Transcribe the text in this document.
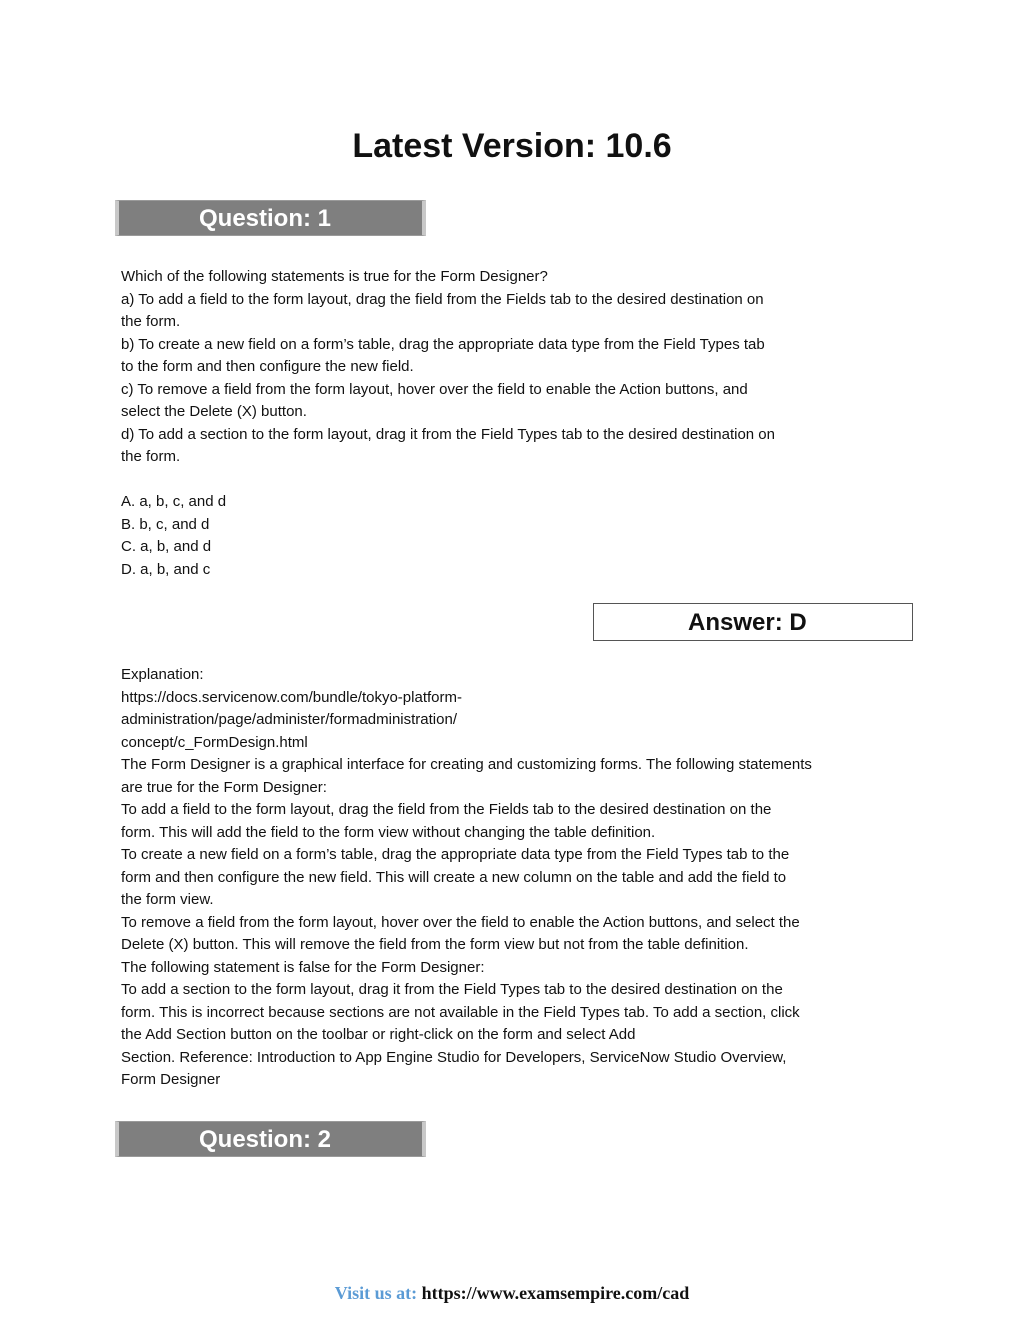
Latest Version: 10.6
Question: 1
Which of the following statements is true for the Form Designer?
a) To add a field to the form layout, drag the field from the Fields tab to the desired destination on
the form.
b) To create a new field on a form’s table, drag the appropriate data type from the Field Types tab
to the form and then configure the new field.
c) To remove a field from the form layout, hover over the field to enable the Action buttons, and
select the Delete (X) button.
d) To add a section to the form layout, drag it from the Field Types tab to the desired destination on
the form.
A. a, b, c, and d
B. b, c, and d
C. a, b, and d
D. a, b, and c
Answer: D
Explanation:
https://docs.servicenow.com/bundle/tokyo-platform-
administration/page/administer/formadministration/
concept/c_FormDesign.html
The Form Designer is a graphical interface for creating and customizing forms. The following statements
are true for the Form Designer:
To add a field to the form layout, drag the field from the Fields tab to the desired destination on the
form. This will add the field to the form view without changing the table definition.
To create a new field on a form’s table, drag the appropriate data type from the Field Types tab to the
form and then configure the new field. This will create a new column on the table and add the field to
the form view.
To remove a field from the form layout, hover over the field to enable the Action buttons, and select the
Delete (X) button. This will remove the field from the form view but not from the table definition.
The following statement is false for the Form Designer:
To add a section to the form layout, drag it from the Field Types tab to the desired destination on the
form. This is incorrect because sections are not available in the Field Types tab. To add a section, click
the Add Section button on the toolbar or right-click on the form and select Add
Section. Reference: Introduction to App Engine Studio for Developers, ServiceNow Studio Overview,
Form Designer
Question: 2
Visit us at: https://www.examsempire.com/cad
